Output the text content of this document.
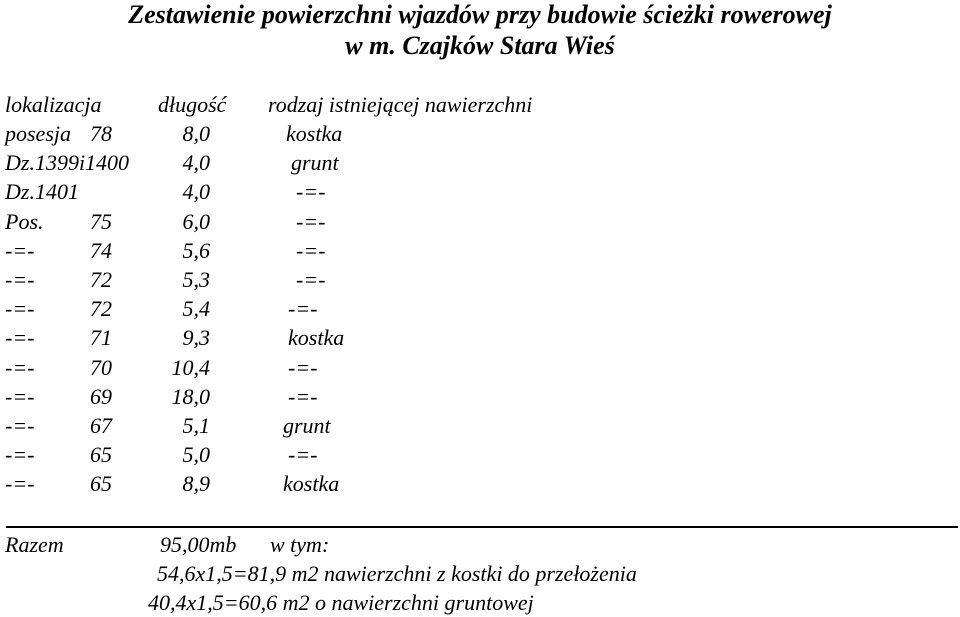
Zestawienie powierzchni wjazdów przy budowie ścieżki rowerowej
w m. Czajków Stara Wieś
lokalizacja	długość rodzaj istniejącej nawierzchni
posesja 78	8,0	kostka
Dz.1399i1400	4,0	grunt
Dz.1401	4,0	-=-
Pos.	75	6,0	-=-
-=-	74	5,6	-=-
-=-	72	5,3	-=-
-=-	72	5,4	-=-
-=-	71	9,3	kostka
-=-	70	10,4	-=-
-=-	69	18,0	-=-
-=-	67	5,1	grunt
-=-	65	5,0	-=-
-=-	65	8,9	kostka
Razem	95,00mb w tym:
54,6x1,5=81,9 m2 nawierzchni z kostki do przełożenia
40,4x1,5=60,6 m2 o nawierzchni gruntowej
